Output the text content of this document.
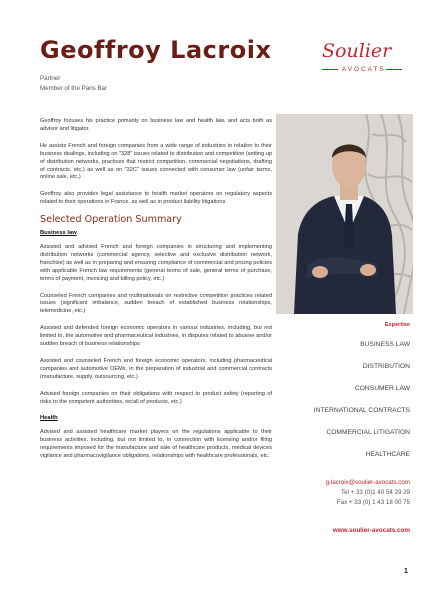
Geoffroy Lacroix
Partner
Member of the Paris Bar
Soulier
AVOCATS

Geoffroy focuses his practice primarily on business law and health law, and acts both as advisor and litigator.

He assists French and foreign companies from a wide range of industries in relation to their business dealings, including on "328" issues related to distribution and competition (setting up of distribution networks, practices that restrict competition, commercial negotiations, drafting of contracts, etc.) as well as on "32C" issues connected with consumer law (unfair terms, online sale, etc.)

Geoffroy also provides legal assistance to health market operators on regulatory aspects related to their operations in France, as well as in product liability litigations.

Selected Operation Summary
Business law

Assisted and advised French and foreign companies in structuring and implementing distribution networks (commercial agency, selective and exclusive distribution network, franchise) as well as in preparing and ensuring compliance of commercial and pricing policies with applicable French law requirements (general terms of sale, general terms of purchase, terms of payment, invoicing and billing policy, etc.)

Counseled French companies and multinationals on restrictive competition practices related issues (significant imbalance, sudden breach of established business relationships, telemedicine, etc.)

Assisted and defended foreign economic operators in various industries, including, but not limited to, the automotive and pharmaceutical industries, in disputes related to abusive and/or sudden breach of business relationships

Assisted and counseled French and foreign economic operators, including pharmaceutical companies and automotive OEMs, in the preparation of industrial and commercial contracts (manufacture, supply, outsourcing, etc.)

Advised foreign companies on their obligations with respect to product safety (reporting of risks to the competent authorities, recall of products, etc.)

Health

Advised and assisted healthcare market players on the regulations applicable to their business activities, including, but not limited to, in connection with licensing and/or filing requirements imposed for the manufacture and sale of healthcare products, medical devices vigilance and pharmacovigilance obligations, relationships with healthcare professionals, etc.

Expertise
BUSINESS LAW
DISTRIBUTION
CONSUMER LAW
INTERNATIONAL CONTRACTS
COMMERCIAL LITIGATION
HEALTHCARE
g.lacroix@soulier-avocats.com
Tel + 33 (0)1 40 54 29 29
Fax + 33 (0) 1 43 18 00 75
www.soulier-avocats.com
1
